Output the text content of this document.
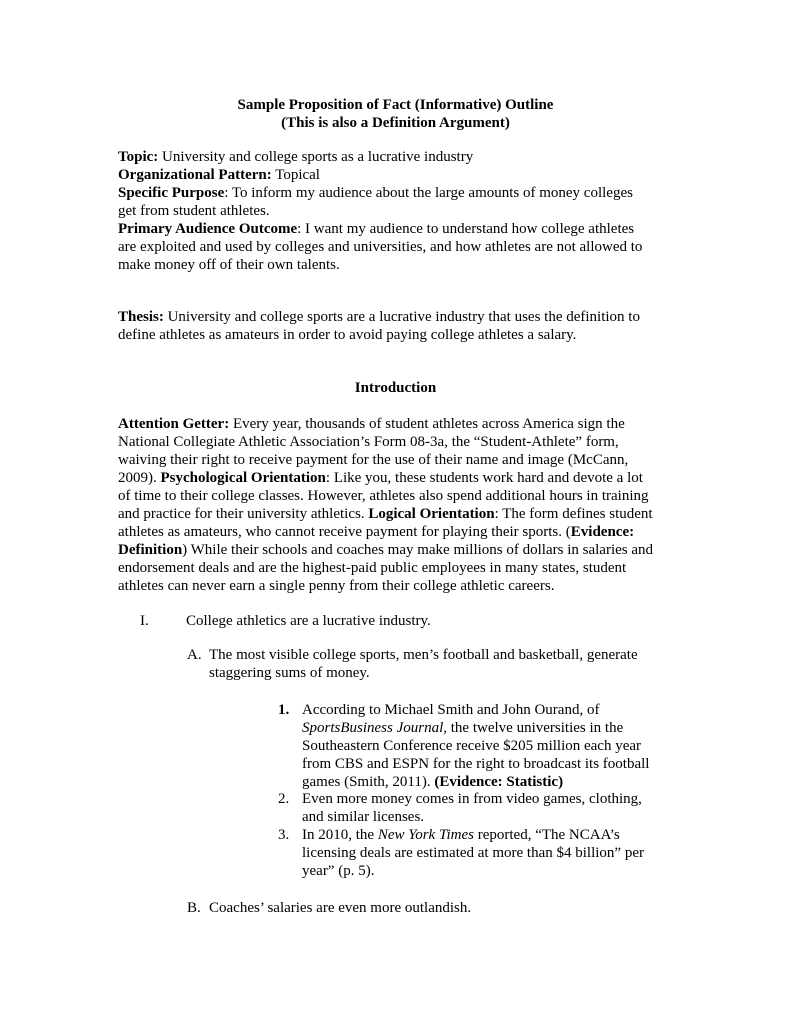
Sample Proposition of Fact (Informative) Outline
(This is also a Definition Argument)
Topic: University and college sports as a lucrative industry
Organizational Pattern: Topical
Specific Purpose: To inform my audience about the large amounts of money colleges
get from student athletes.
Primary Audience Outcome: I want my audience to understand how college athletes
are exploited and used by colleges and universities, and how athletes are not allowed to
make money off of their own talents.
Thesis: University and college sports are a lucrative industry that uses the definition to
define athletes as amateurs in order to avoid paying college athletes a salary.
Introduction
Attention Getter: Every year, thousands of student athletes across America sign the
National Collegiate Athletic Association’s Form 08-3a, the “Student-Athlete” form,
waiving their right to receive payment for the use of their name and image (McCann,
2009). Psychological Orientation: Like you, these students work hard and devote a lot
of time to their college classes. However, athletes also spend additional hours in training
and practice for their university athletics. Logical Orientation: The form defines student
athletes as amateurs, who cannot receive payment for playing their sports. (Evidence:
Definition) While their schools and coaches may make millions of dollars in salaries and
endorsement deals and are the highest-paid public employees in many states, student
athletes can never earn a single penny from their college athletic careers.
I. College athletics are a lucrative industry.
A. The most visible college sports, men’s football and basketball, generate
staggering sums of money.
1. According to Michael Smith and John Ourand, of
SportsBusiness Journal, the twelve universities in the
Southeastern Conference receive $205 million each year
from CBS and ESPN for the right to broadcast its football
games (Smith, 2011). (Evidence: Statistic)
2. Even more money comes in from video games, clothing,
and similar licenses.
3. In 2010, the New York Times reported, “The NCAA’s
licensing deals are estimated at more than $4 billion” per
year” (p. 5).
B. Coaches’ salaries are even more outlandish.
